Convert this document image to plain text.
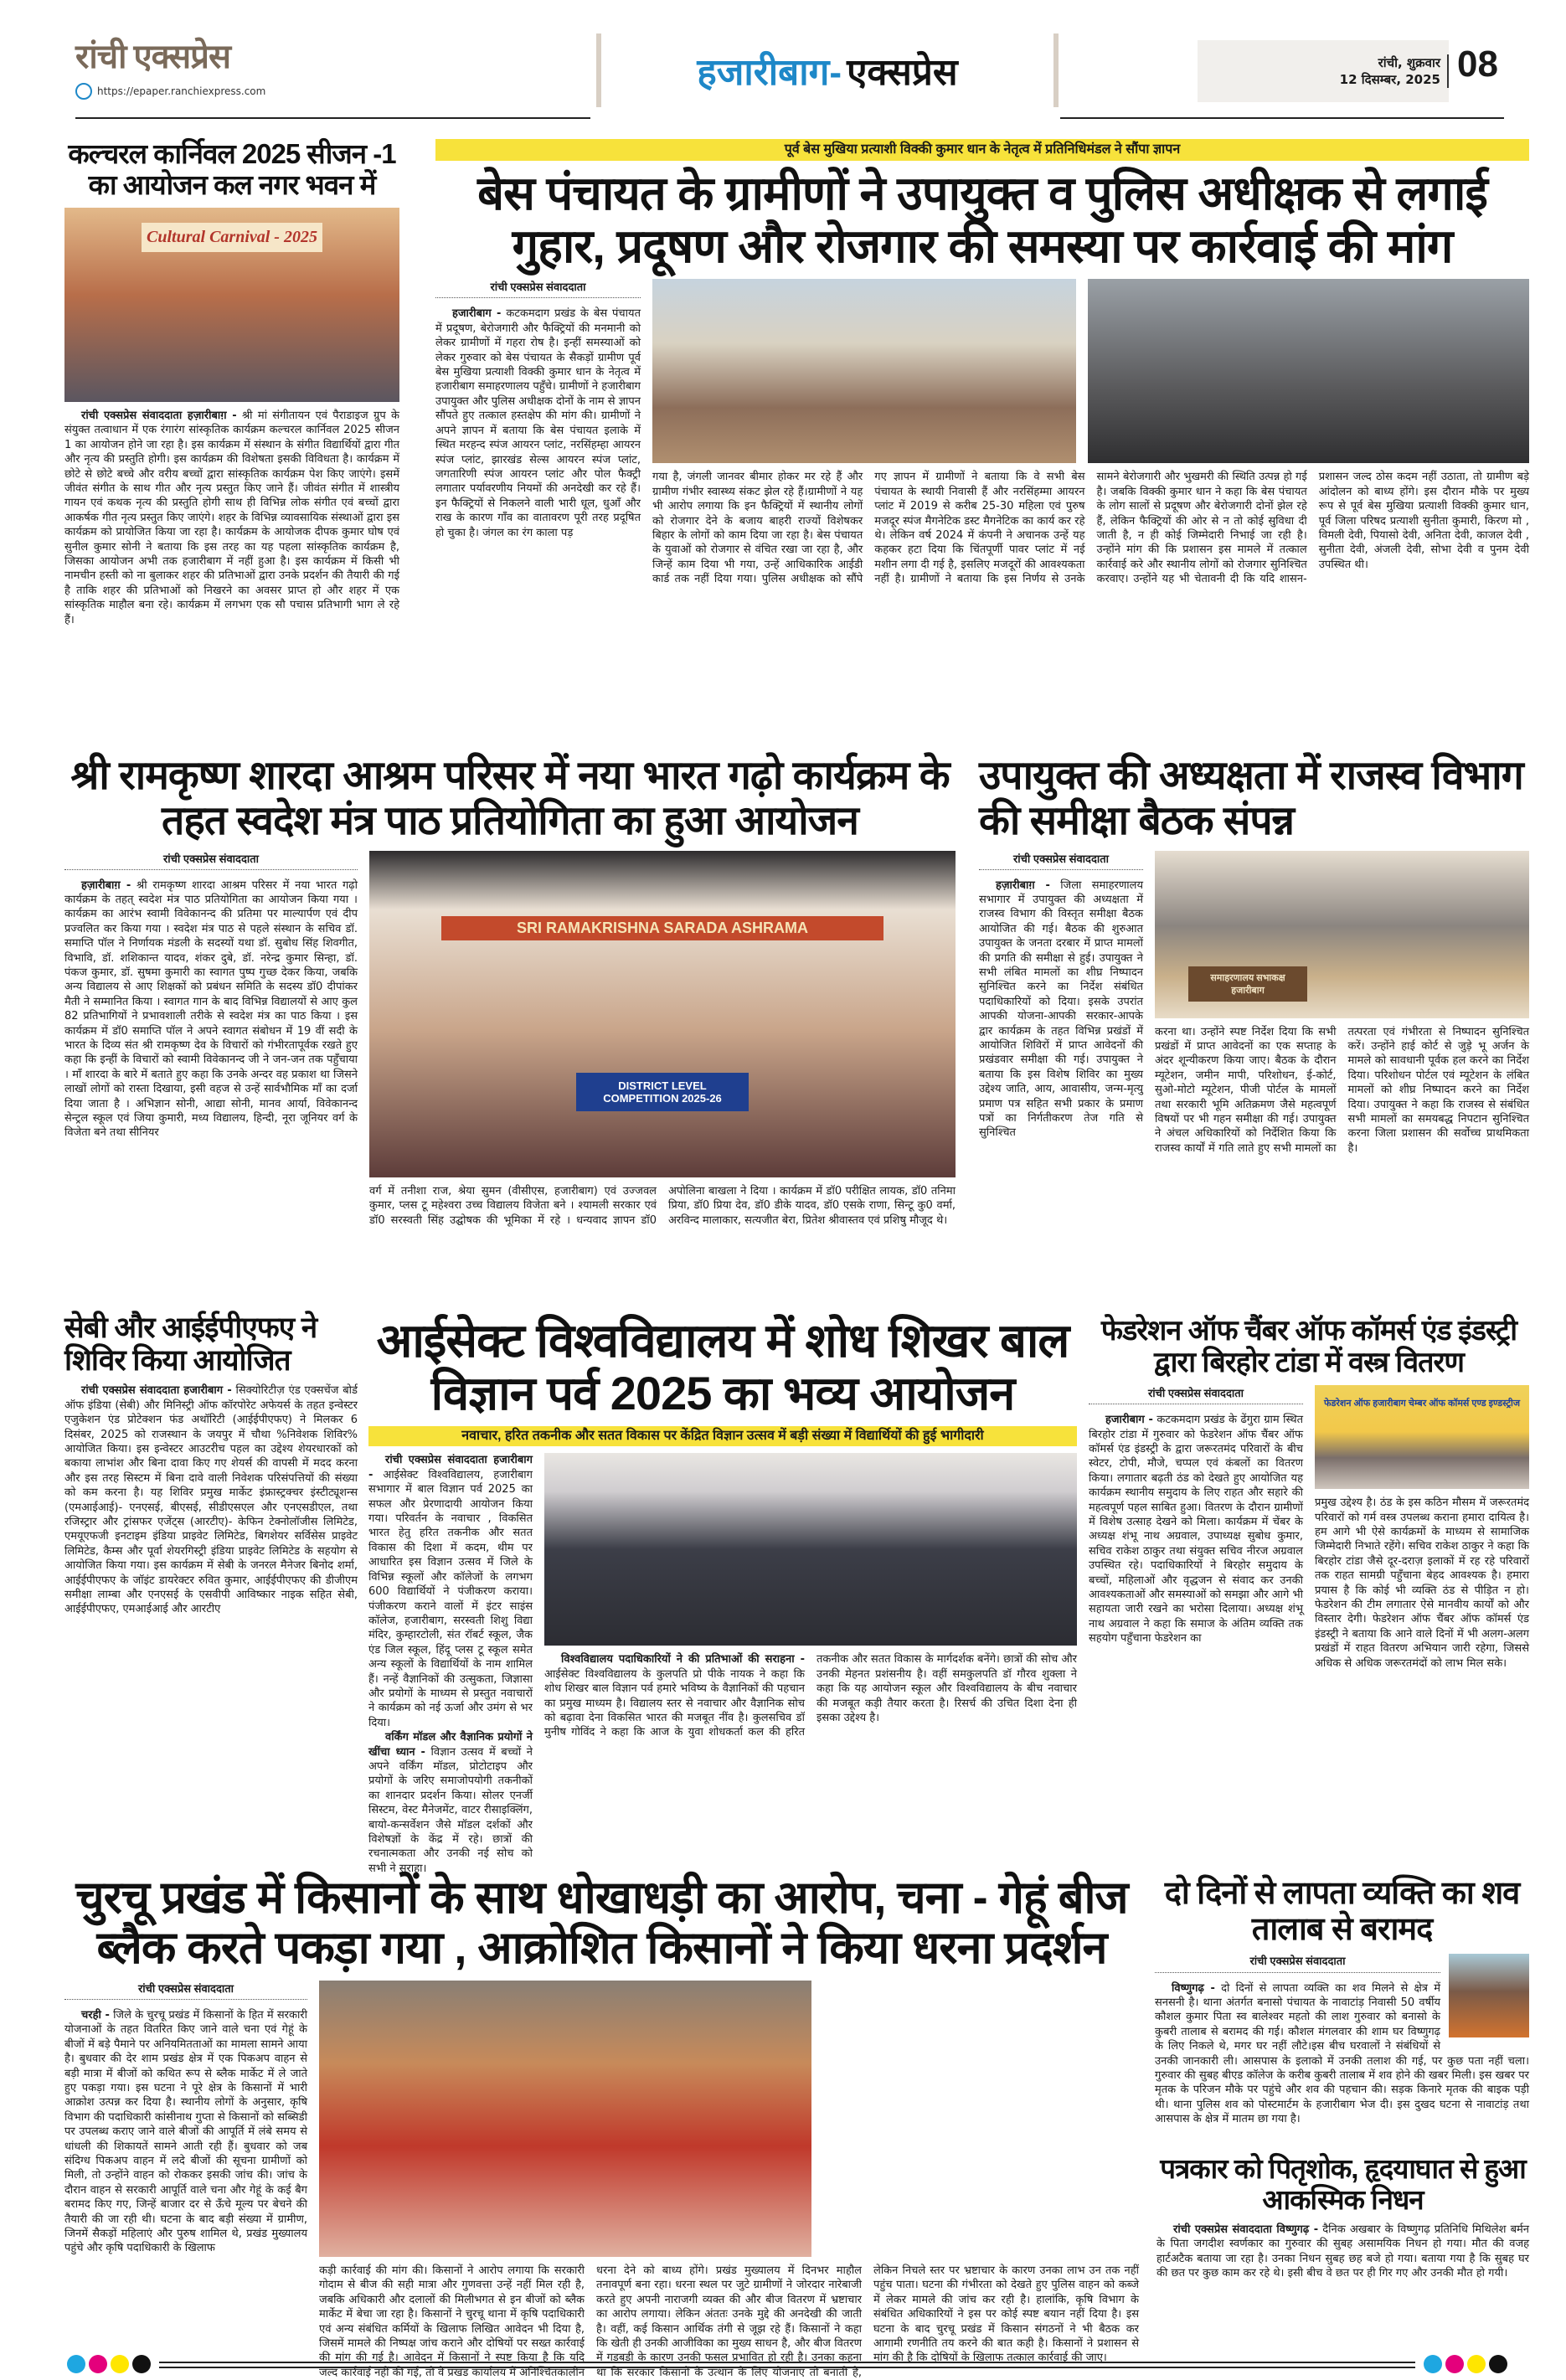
रांची एक्सप्रेस
https://epaper.ranchiexpress.com	हजारीबाग- एक्सप्रेस	रांची, शुक्रवार
12 दिसम्बर, 2025 08
कल्चरल कार्निवल 2025 सीजन -1 का आयोजन कल नगर भवन में
Cultural Carnival - 2025

रांची एक्सप्रेस संवाददाता हज़ारीबाग़ - श्री मां संगीतायन एवं पैराडाइज ग्रुप के संयुक्त तत्वाधान में एक रंगारंग सांस्कृतिक कार्यक्रम कल्चरल कार्निवल 2025 सीजन 1 का आयोजन होने जा रहा है। इस कार्यक्रम में संस्थान के संगीत विद्यार्थियों द्वारा गीत और नृत्य की प्रस्तुति होगी। इस कार्यक्रम की विशेषता इसकी विविधता है। कार्यक्रम में छोटे से छोटे बच्चे और वरीय बच्चों द्वारा सांस्कृतिक कार्यक्रम पेश किए जाएंगे। इसमें जीवंत संगीत के साथ गीत और नृत्य प्रस्तुत किए जाने हैं। जीवंत संगीत में शास्त्रीय गायन एवं कथक नृत्य की प्रस्तुति होगी साथ ही विभिन्न लोक संगीत एवं बच्चों द्वारा आकर्षक गीत नृत्य प्रस्तुत किए जाएंगे। शहर के विभिन्न व्यावसायिक संस्थाओं द्वारा इस कार्यक्रम को प्रायोजित किया जा रहा है। कार्यक्रम के आयोजक दीपक कुमार घोष एवं सुनील कुमार सोनी ने बताया कि इस तरह का यह पहला सांस्कृतिक कार्यक्रम है, जिसका आयोजन अभी तक हजारीबाग में नहीं हुआ है। इस कार्यक्रम में किसी भी नामचीन हस्ती को ना बुलाकर शहर की प्रतिभाओं द्वारा उनके प्रदर्शन की तैयारी की गई है ताकि शहर की प्रतिभाओं को निखरने का अवसर प्राप्त हो और शहर में एक सांस्कृतिक माहौल बना रहे। कार्यक्रम में लगभग एक सौ पचास प्रतिभागी भाग ले रहे हैं।

पूर्व बेस मुखिया प्रत्याशी विक्की कुमार धान के नेतृत्व में प्रतिनिधिमंडल ने सौंपा ज्ञापन
बेस पंचायत के ग्रामीणों ने उपायुक्त व पुलिस अधीक्षक से लगाई गुहार, प्रदूषण और रोजगार की समस्या पर कार्रवाई की मांग
रांची एक्सप्रेस संवाददाता

हजारीबाग - कटकमदाग प्रखंड के बेस पंचायत में प्रदूषण, बेरोजगारी और फैक्ट्रियों की मनमानी को लेकर ग्रामीणों में गहरा रोष है। इन्हीं समस्याओं को लेकर गुरुवार को बेस पंचायत के सैकड़ों ग्रामीण पूर्व बेस मुखिया प्रत्याशी विक्की कुमार धान के नेतृत्व में हजारीबाग समाहरणालय पहुँचे। ग्रामीणों ने हजारीबाग उपायुक्त और पुलिस अधीक्षक दोनों के नाम से ज्ञापन सौंपते हुए तत्काल हस्तक्षेप की मांग की। ग्रामीणों ने अपने ज्ञापन में बताया कि बेस पंचायत इलाके में स्थित मरहन्द स्पंज आयरन प्लांट, नरसिंहम्हा आयरन स्पंज प्लांट, झारखंड सेल्स आयरन स्पंज प्लांट, जगतारिणी स्पंज आयरन प्लांट और पोल फैक्ट्री लगातार पर्यावरणीय नियमों की अनदेखी कर रहे हैं। इन फैक्ट्रियों से निकलने वाली भारी धूल, धुआँ और राख के कारण गाँव का वातावरण पूरी तरह प्रदूषित हो चुका है। जंगल का रंग काला पड़

गया है, जंगली जानवर बीमार होकर मर रहे हैं और ग्रामीण गंभीर स्वास्थ्य संकट झेल रहे हैं।ग्रामीणों ने यह भी आरोप लगाया कि इन फैक्ट्रियों में स्थानीय लोगों को रोजगार देने के बजाय बाहरी राज्यों विशेषकर बिहार के लोगों को काम दिया जा रहा है। बेस पंचायत के युवाओं को रोजगार से वंचित रखा जा रहा है, और जिन्हें काम दिया भी गया, उन्हें आधिकारिक आईडी कार्ड तक नहीं दिया गया। पुलिस अधीक्षक को सौंपे गए ज्ञापन में ग्रामीणों ने बताया कि वे सभी बेस पंचायत के स्थायी निवासी हैं और नरसिंहम्मा आयरन प्लांट में 2019 से करीब 25-30 महिला एवं पुरुष मजदूर स्पंज मैगनेटिक डस्ट मैगनेटिक का कार्य कर रहे थे। लेकिन वर्ष 2024 में कंपनी ने अचानक उन्हें यह कहकर हटा दिया कि चिंतपूर्णी पावर प्लांट में नई मशीन लगा दी गई है, इसलिए मजदूरों की आवश्यकता नहीं है। ग्रामीणों ने बताया कि इस निर्णय से उनके सामने बेरोजगारी और भुखमरी की स्थिति उत्पन्न हो गई है। जबकि विक्की कुमार धान ने कहा कि बेस पंचायत के लोग सालों से प्रदूषण और बेरोजगारी दोनों झेल रहे हैं, लेकिन फैक्ट्रियों की ओर से न तो कोई सुविधा दी जाती है, न ही कोई जिम्मेदारी निभाई जा रही है। उन्होंने मांग की कि प्रशासन इस मामले में तत्काल कार्रवाई करे और स्थानीय लोगों को रोजगार सुनिश्चित करवाए। उन्होंने यह भी चेतावनी दी कि यदि शासन-प्रशासन जल्द ठोस कदम नहीं उठाता, तो ग्रामीण बड़े आंदोलन को बाध्य होंगे। इस दौरान मौके पर मुख्य रूप से पूर्व बेस मुखिया प्रत्याशी विक्की कुमार धान, पूर्व जिला परिषद प्रत्याशी सुनीता कुमारी, किरण मो , विमली देवी, पियासो देवी, अनिता देवी, काजल देवी , सुनीता देवी, अंजली देवी, सोभा देवी व पुनम देवी उपस्थित थी।

श्री रामकृष्ण शारदा आश्रम परिसर में नया भारत गढ़ो कार्यक्रम के तहत स्वदेश मंत्र पाठ प्रतियोगिता का हुआ आयोजन
रांची एक्सप्रेस संवाददाता

हज़ारीबाग़ - श्री रामकृष्ण शारदा आश्रम परिसर में नया भारत गढ़ो कार्यक्रम के तहत् स्वदेश मंत्र पाठ प्रतियोगिता का आयोजन किया गया । कार्यक्रम का आरंभ स्वामी विवेकानन्द की प्रतिमा पर माल्यार्पण एवं दीप प्रज्वलित कर किया गया । स्वदेश मंत्र पाठ से पहले संस्थान के सचिव डॉ. समाप्ति पॉल ने निर्णायक मंडली के सदस्यों यथा डॉ. सुबोध सिंह शिवगीत, विभावि, डॉ. शशिकान्त यादव, शंकर दुबे, डॉ. नरेन्द्र कुमार सिन्हा, डॉ. पंकज कुमार, डॉ. सुषमा कुमारी का स्वागत पुष्प गुच्छ देकर किया, जबकि अन्य विद्यालय से आए शिक्षकों को प्रबंधन समिति के सदस्य डॉ0 दीपांकर मैती ने सम्मानित किया । स्वागत गान के बाद विभिन्न विद्यालयों से आए कुल 82 प्रतिभागियों ने प्रभावशाली तरीके से स्वदेश मंत्र का पाठ किया । इस कार्यक्रम में डॉ0 समाप्ति पॉल ने अपने स्वागत संबोधन में 19 वीं सदी के भारत के दिव्य संत श्री रामकृष्ण देव के विचारों को गंभीरतापूर्वक रखते हुए कहा कि इन्हीं के विचारों को स्वामी विवेकानन्द जी ने जन-जन तक पहुँचाया । माँ शारदा के बारे में बताते हुए कहा कि उनके अन्दर वह प्रकाश था जिसने लाखों लोगों को रास्ता दिखाया, इसी वहज से उन्हें सार्वभौमिक माँ का दर्जा दिया जाता है । अभिज्ञान सोनी, आद्या सोनी, मानव आर्या, विवेकानन्द सेन्ट्रल स्कूल एवं जिया कुमारी, मध्य विद्यालय, हिन्दी, नूरा जूनियर वर्ग के विजेता बने तथा सीनियर

SRI RAMAKRISHNA SARADA ASHRAMA
DISTRICT LEVEL COMPETITION 2025-26

वर्ग में तनीशा राज, श्रेया सुमन (वीसीएस, हजारीबाग) एवं उज्जवल कुमार, प्लस टू महेश्वरा उच्च विद्यालय विजेता बने । श्यामली सरकार एवं डॉ0 सरस्वती सिंह उद्घोषक की भूमिका में रहे । धन्यवाद ज्ञापन डॉ0 अपोलिना बाखला ने दिया । कार्यक्रम में डॉ0 परीक्षित लायक, डॉ0 तनिमा प्रिया, डॉ0 प्रिया देव, डॉ0 डीके यादव, डॉ0 एसके राणा, सिन्टू कु0 वर्मा, अरविन्द मालाकार, सत्यजीत बेरा, प्रितेश श्रीवास्तव एवं प्रशिषु मौजूद थे।

उपायुक्त की अध्यक्षता में राजस्व विभाग की समीक्षा बैठक संपन्न
रांची एक्सप्रेस संवाददाता

हज़ारीबाग़ - जिला समाहरणालय सभागार में उपायुक्त की अध्यक्षता में राजस्व विभाग की विस्तृत समीक्षा बैठक आयोजित की गई। बैठक की शुरुआत उपायुक्त के जनता दरबार में प्राप्त मामलों की प्रगति की समीक्षा से हुई। उपायुक्त ने सभी लंबित मामलों का शीघ्र निष्पादन सुनिश्चित करने का निर्देश संबंधित पदाधिकारियों को दिया। इसके उपरांत आपकी योजना-आपकी सरकार-आपके द्वार कार्यक्रम के तहत विभिन्न प्रखंडों में आयोजित शिविरों में प्राप्त आवेदनों की प्रखंडवार समीक्षा की गई। उपायुक्त ने बताया कि इस विशेष शिविर का मुख्य उद्देश्य जाति, आय, आवासीय, जन्म-मृत्यु प्रमाण पत्र सहित सभी प्रकार के प्रमाण पत्रों का निर्गतीकरण तेज गति से सुनिश्चित

समाहरणालय सभाकक्ष हजारीबाग

करना था। उन्होंने स्पष्ट निर्देश दिया कि सभी प्रखंडों में प्राप्त आवेदनों का एक सप्ताह के अंदर शून्यीकरण किया जाए। बैठक के दौरान म्यूटेशन, जमीन मापी, परिशोधन, ई-कोर्ट, सुओ-मोटो म्यूटेशन, पीजी पोर्टल के मामलों तथा सरकारी भूमि अतिक्रमण जैसे महत्वपूर्ण विषयों पर भी गहन समीक्षा की गई। उपायुक्त ने अंचल अधिकारियों को निर्देशित किया कि राजस्व कार्यों में गति लाते हुए सभी मामलों का तत्परता एवं गंभीरता से निष्पादन सुनिश्चित करें। उन्होंने हाई कोर्ट से जुड़े भू अर्जन के मामले को सावधानी पूर्वक हल करने का निर्देश दिया। परिशोधन पोर्टल एवं म्यूटेशन के लंबित मामलों को शीघ्र निष्पादन करने का निर्देश दिया। उपायुक्त ने कहा कि राजस्व से संबंधित सभी मामलों का समयबद्ध निपटान सुनिश्चित करना जिला प्रशासन की सर्वोच्च प्राथमिकता है।

सेबी और आईईपीएफए ने शिविर किया आयोजित

रांची एक्सप्रेस संवाददाता हजारीबाग - सिक्योरिटीज़ एंड एक्सचेंज बोर्ड ऑफ इंडिया (सेबी) और मिनिस्ट्री ऑफ कॉरपोरेट अफेयर्स के तहत इन्वेस्टर एजुकेशन एंड प्रोटेक्शन फंड अथॉरिटी (आईईपीएफए) ने मिलकर 6 दिसंबर, 2025 को राजस्थान के जयपुर में चौथा %निवेशक शिविर% आयोजित किया। इस इन्वेस्टर आउटरीच पहल का उद्देश्य शेयरधारकों को बकाया लाभांश और बिना दावा किए गए शेयर्स की वापसी में मदद करना और इस तरह सिस्टम में बिना दावे वाली निवेशक परिसंपत्तियों की संख्या को कम करना है। यह शिविर प्रमुख मार्केट इंफ्रास्ट्रक्चर इंस्टीट्यूशन्स (एमआईआई)- एनएसई, बीएसई, सीडीएसएल और एनएसडीएल, तथा रजिस्ट्रार और ट्रांसफर एजेंट्स (आरटीए)- केफिन टेक्नोलॉजीस लिमिटेड, एमयूएफजी इनटाइम इंडिया प्राइवेट लिमिटेड, बिगशेयर सर्विसेस प्राइवेट लिमिटेड, कैम्स और पूर्वा शेयरगिस्ट्री इंडिया प्राइवेट लिमिटेड के सहयोग से आयोजित किया गया। इस कार्यक्रम में सेबी के जनरल मैनेजर बिनोद शर्मा, आईईपीएफए के जॉइंट डायरेक्टर रुवित कुमार, आईईपीएफए की डीजीएम समीक्षा लाम्बा और एनएसई के एसवीपी आविष्कार नाइक सहित सेबी, आईईपीएफए, एमआईआई और आरटीए

आईसेक्ट विश्वविद्यालय में शोध शिखर बाल विज्ञान पर्व 2025 का भव्य आयोजन
नवाचार, हरित तकनीक और सतत विकास पर केंद्रित विज्ञान उत्सव में बड़ी संख्या में विद्यार्थियों की हुई भागीदारी

रांची एक्सप्रेस संवाददाता हजारीबाग - आईसेक्ट विश्वविद्यालय, हजारीबाग सभागार में बाल विज्ञान पर्व 2025 का सफल और प्रेरणादायी आयोजन किया गया। परिवर्तन के नवाचार , विकसित भारत हेतु हरित तकनीक और सतत विकास की दिशा में कदम, थीम पर आधारित इस विज्ञान उत्सव में जिले के विभिन्न स्कूलों और कॉलेजों के लगभग 600 विद्यार्थियों ने पंजीकरण कराया। पंजीकरण कराने वालों में इंटर साइंस कॉलेज, हजारीबाग, सरस्वती शिशु विद्या मंदिर, कुम्हारटोली, संत रॉबर्ट स्कूल, जैक एंड जिल स्कूल, हिंदू प्लस टू स्कूल समेत अन्य स्कूलों के विद्यार्थियों के नाम शामिल हैं। नन्हें वैज्ञानिकों की उत्सुकता, जिज्ञासा और प्रयोगों के माध्यम से प्रस्तुत नवाचारों ने कार्यक्रम को नई ऊर्जा और उमंग से भर दिया।

वर्किंग मॉडल और वैज्ञानिक प्रयोगों ने खींचा ध्यान - विज्ञान उत्सव में बच्चों ने अपने वर्किंग मॉडल, प्रोटोटाइप और प्रयोगों के जरिए समाजोपयोगी तकनीकों का शानदार प्रदर्शन किया। सोलर एनर्जी सिस्टम, वेस्ट मैनेजमेंट, वाटर रीसाइक्लिंग, बायो-कन्सर्वेशन जैसे मॉडल दर्शकों और विशेषज्ञों के केंद्र में रहे। छात्रों की रचनात्मकता और उनकी नई सोच को सभी ने सराहा।

विश्वविद्यालय पदाधिकारियों ने की प्रतिभाओं की सराहना - आईसेक्ट विश्वविद्यालय के कुलपति प्रो पीके नायक ने कहा कि शोध शिखर बाल विज्ञान पर्व हमारे भविष्य के वैज्ञानिकों की पहचान का प्रमुख माध्यम है। विद्यालय स्तर से नवाचार और वैज्ञानिक सोच को बढ़ावा देना विकसित भारत की मजबूत नींव है। कुलसचिव डॉ मुनीष गोविंद ने कहा कि आज के युवा शोधकर्ता कल की हरित तकनीक और सतत विकास के मार्गदर्शक बनेंगे। छात्रों की सोच और उनकी मेहनत प्रशंसनीय है। वहीं समकुलपति डॉ गौरव शुक्ला ने कहा कि यह आयोजन स्कूल और विश्वविद्यालय के बीच नवाचार की मजबूत कड़ी तैयार करता है। रिसर्च की उचित दिशा देना ही इसका उद्देश्य है।

फेडरेशन ऑफ चैंबर ऑफ कॉमर्स एंड इंडस्ट्री द्वारा बिरहोर टांडा में वस्त्र वितरण
रांची एक्सप्रेस संवाददाता

हजारीबाग - कटकमदाग प्रखंड के ढेंगुरा ग्राम स्थित बिरहोर टांडा में गुरुवार को फेडरेशन ऑफ चैंबर ऑफ कॉमर्स एंड इंडस्ट्री के द्वारा जरूरतमंद परिवारों के बीच स्वेटर, टोपी, मौजे, चप्पल एवं कंबलों का वितरण किया। लगातार बढ़ती ठंड को देखते हुए आयोजित यह कार्यक्रम स्थानीय समुदाय के लिए राहत और सहारे की महत्वपूर्ण पहल साबित हुआ। वितरण के दौरान ग्रामीणों में विशेष उत्साह देखने को मिला। कार्यक्रम में चेंबर के अध्यक्ष शंभू नाथ अग्रवाल, उपाध्यक्ष सुबोध कुमार, सचिव राकेश ठाकुर तथा संयुक्त सचिव नीरज अग्रवाल उपस्थित रहे। पदाधिकारियों ने बिरहोर समुदाय के बच्चों, महिलाओं और वृद्धजन से संवाद कर उनकी आवश्यकताओं और समस्याओं को समझा और आगे भी सहायता जारी रखने का भरोसा दिलाया। अध्यक्ष शंभू नाथ अग्रवाल ने कहा कि समाज के अंतिम व्यक्ति तक सहयोग पहुँचाना फेडरेशन का

फेडरेशन ऑफ हजारीबाग चेम्बर ऑफ कॉमर्स एण्ड इण्डस्ट्रीज

प्रमुख उद्देश्य है। ठंड के इस कठिन मौसम में जरूरतमंद परिवारों को गर्म वस्त्र उपलब्ध कराना हमारा दायित्व है। हम आगे भी ऐसे कार्यक्रमों के माध्यम से सामाजिक जिम्मेदारी निभाते रहेंगे। सचिव राकेश ठाकुर ने कहा कि बिरहोर टांडा जैसे दूर-दराज़ इलाकों में रह रहे परिवारों तक राहत सामग्री पहुँचाना बेहद आवश्यक है। हमारा प्रयास है कि कोई भी व्यक्ति ठंड से पीड़ित न हो। फेडरेशन की टीम लगातार ऐसे मानवीय कार्यों को और विस्तार देगी। फेडरेशन ऑफ चैंबर ऑफ कॉमर्स एंड इंडस्ट्री ने बताया कि आने वाले दिनों में भी अलग-अलग प्रखंडों में राहत वितरण अभियान जारी रहेगा, जिससे अधिक से अधिक जरूरतमंदों को लाभ मिल सके।

चुरचू प्रखंड में किसानों के साथ धोखाधड़ी का आरोप, चना - गेहूं बीज ब्लैक करते पकड़ा गया , आक्रोशित किसानों ने किया धरना प्रदर्शन
रांची एक्सप्रेस संवाददाता

चरही - जिले के चुरचू प्रखंड में किसानों के हित में सरकारी योजनाओं के तहत वितरित किए जाने वाले चना एवं गेहूं के बीजों में बड़े पैमाने पर अनियमितताओं का मामला सामने आया है। बुधवार की देर शाम प्रखंड क्षेत्र में एक पिकअप वाहन से बड़ी मात्रा में बीजों को कथित रूप से ब्लैक मार्केट में ले जाते हुए पकड़ा गया। इस घटना ने पूरे क्षेत्र के किसानों में भारी आक्रोश उत्पन्न कर दिया है। स्थानीय लोगों के अनुसार, कृषि विभाग की पदाधिकारी कांसीनाथ गुप्ता से किसानों को सब्सिडी पर उपलब्ध कराए जाने वाले बीजों की आपूर्ति में लंबे समय से धांधली की शिकायतें सामने आती रही हैं। बुधवार को जब संदिग्ध पिकअप वाहन में लदे बीजों की सूचना ग्रामीणों को मिली, तो उन्होंने वाहन को रोककर इसकी जांच की। जांच के दौरान वाहन से सरकारी आपूर्ति वाले चना और गेहूं के कई बैग बरामद किए गए, जिन्हें बाजार दर से ऊँचे मूल्य पर बेचने की तैयारी की जा रही थी। घटना के बाद बड़ी संख्या में ग्रामीण, जिनमें सैकड़ों महिलाएं और पुरुष शामिल थे, प्रखंड मुख्यालय पहुंचे और कृषि पदाधिकारी के खिलाफ

कड़ी कार्रवाई की मांग की। किसानों ने आरोप लगाया कि सरकारी गोदाम से बीज की सही मात्रा और गुणवत्ता उन्हें नहीं मिल रही है, जबकि अधिकारी और दलालों की मिलीभगत से इन बीजों को ब्लैक मार्केट में बेचा जा रहा है। किसानों ने चुरचू थाना में कृषि पदाधिकारी एवं अन्य संबंधित कर्मियों के खिलाफ लिखित आवेदन भी दिया है, जिसमें मामले की निष्पक्ष जांच कराने और दोषियों पर सख्त कार्रवाई की मांग की गई है। आवेदन में किसानों ने स्पष्ट किया है कि यदि जल्द कार्रवाई नहीं की गई, तो वे प्रखंड कार्यालय में अनिश्चितकालीन धरना देने को बाध्य होंगे। प्रखंड मुख्यालय में दिनभर माहौल तनावपूर्ण बना रहा। धरना स्थल पर जुटे ग्रामीणों ने जोरदार नारेबाजी करते हुए अपनी नाराजगी व्यक्त की और बीज वितरण में भ्रष्टाचार का आरोप लगाया। लेकिन अंततः उनके मुद्दे की अनदेखी की जाती है। वहीं, कई किसान आर्थिक तंगी से जूझ रहे हैं। किसानों ने कहा कि खेती ही उनकी आजीविका का मुख्य साधन है, और बीज वितरण में गड़बड़ी के कारण उनकी फसल प्रभावित हो रही है। उनका कहना था कि सरकार किसानों के उत्थान के लिए योजनाएं तो बनाती है, लेकिन निचले स्तर पर भ्रष्टाचार के कारण उनका लाभ उन तक नहीं पहुंच पाता। घटना की गंभीरता को देखते हुए पुलिस वाहन को कब्जे में लेकर मामले की जांच कर रही है। हालांकि, कृषि विभाग के संबंधित अधिकारियों ने इस पर कोई स्पष्ट बयान नहीं दिया है। इस घटना के बाद चुरचू प्रखंड में किसान संगठनों ने भी बैठक कर आगामी रणनीति तय करने की बात कही है। किसानों ने प्रशासन से मांग की है कि दोषियों के खिलाफ तत्काल कार्रवाई की जाए।

दो दिनों से लापता व्यक्ति का शव तालाब से बरामद
रांची एक्सप्रेस संवाददाता

विष्णुगढ़ - दो दिनों से लापता व्यक्ति का शव मिलने से क्षेत्र में सनसनी है। थाना अंतर्गत बनासो पंचायत के नावाटांड़ निवासी 50 वर्षीय कौशल कुमार पिता स्व बालेश्वर महतो की लाश गुरुवार को बनासो के कुबरी तालाब से बरामद की गई। कौशल मंगलवार की शाम घर विष्णुगढ़ के लिए निकले थे, मगर घर नहीं लौटे।इस बीच घरवालों ने संबंधियों से उनकी जानकारी ली। आसपास के इलाको में उनकी तलाश की गई, पर कुछ पता नहीं चला। गुरुवार की सुबह बीएड कॉलेज के करीब कुबरी तालाब में शव होने की खबर मिली। इस खबर पर मृतक के परिजन मौके पर पहुंचे और शव की पहचान की। सड़क किनारे मृतक की बाइक पड़ी थी। थाना पुलिस शव को पोस्टमार्टम के हजारीबाग भेज दी। इस दुखद घटना से नावाटांड़ तथा आसपास के क्षेत्र में मातम छा गया है।

पत्रकार को पितृशोक, हृदयाघात से हुआ आकस्मिक निधन

रांची एक्सप्रेस संवाददाता विष्णुगढ़ - दैनिक अखबार के विष्णुगढ़ प्रतिनिधि मिथिलेश बर्मन के पिता जगदीश स्वर्णकार का गुरुवार की सुबह असामयिक निधन हो गया। मौत की वजह हार्टअटैक बताया जा रहा है। उनका निधन सुबह छह बजे हो गया। बताया गया है कि सुबह घर की छत पर कुछ काम कर रहे थे। इसी बीच वे छत पर ही गिर गए और उनकी मौत हो गयी।
